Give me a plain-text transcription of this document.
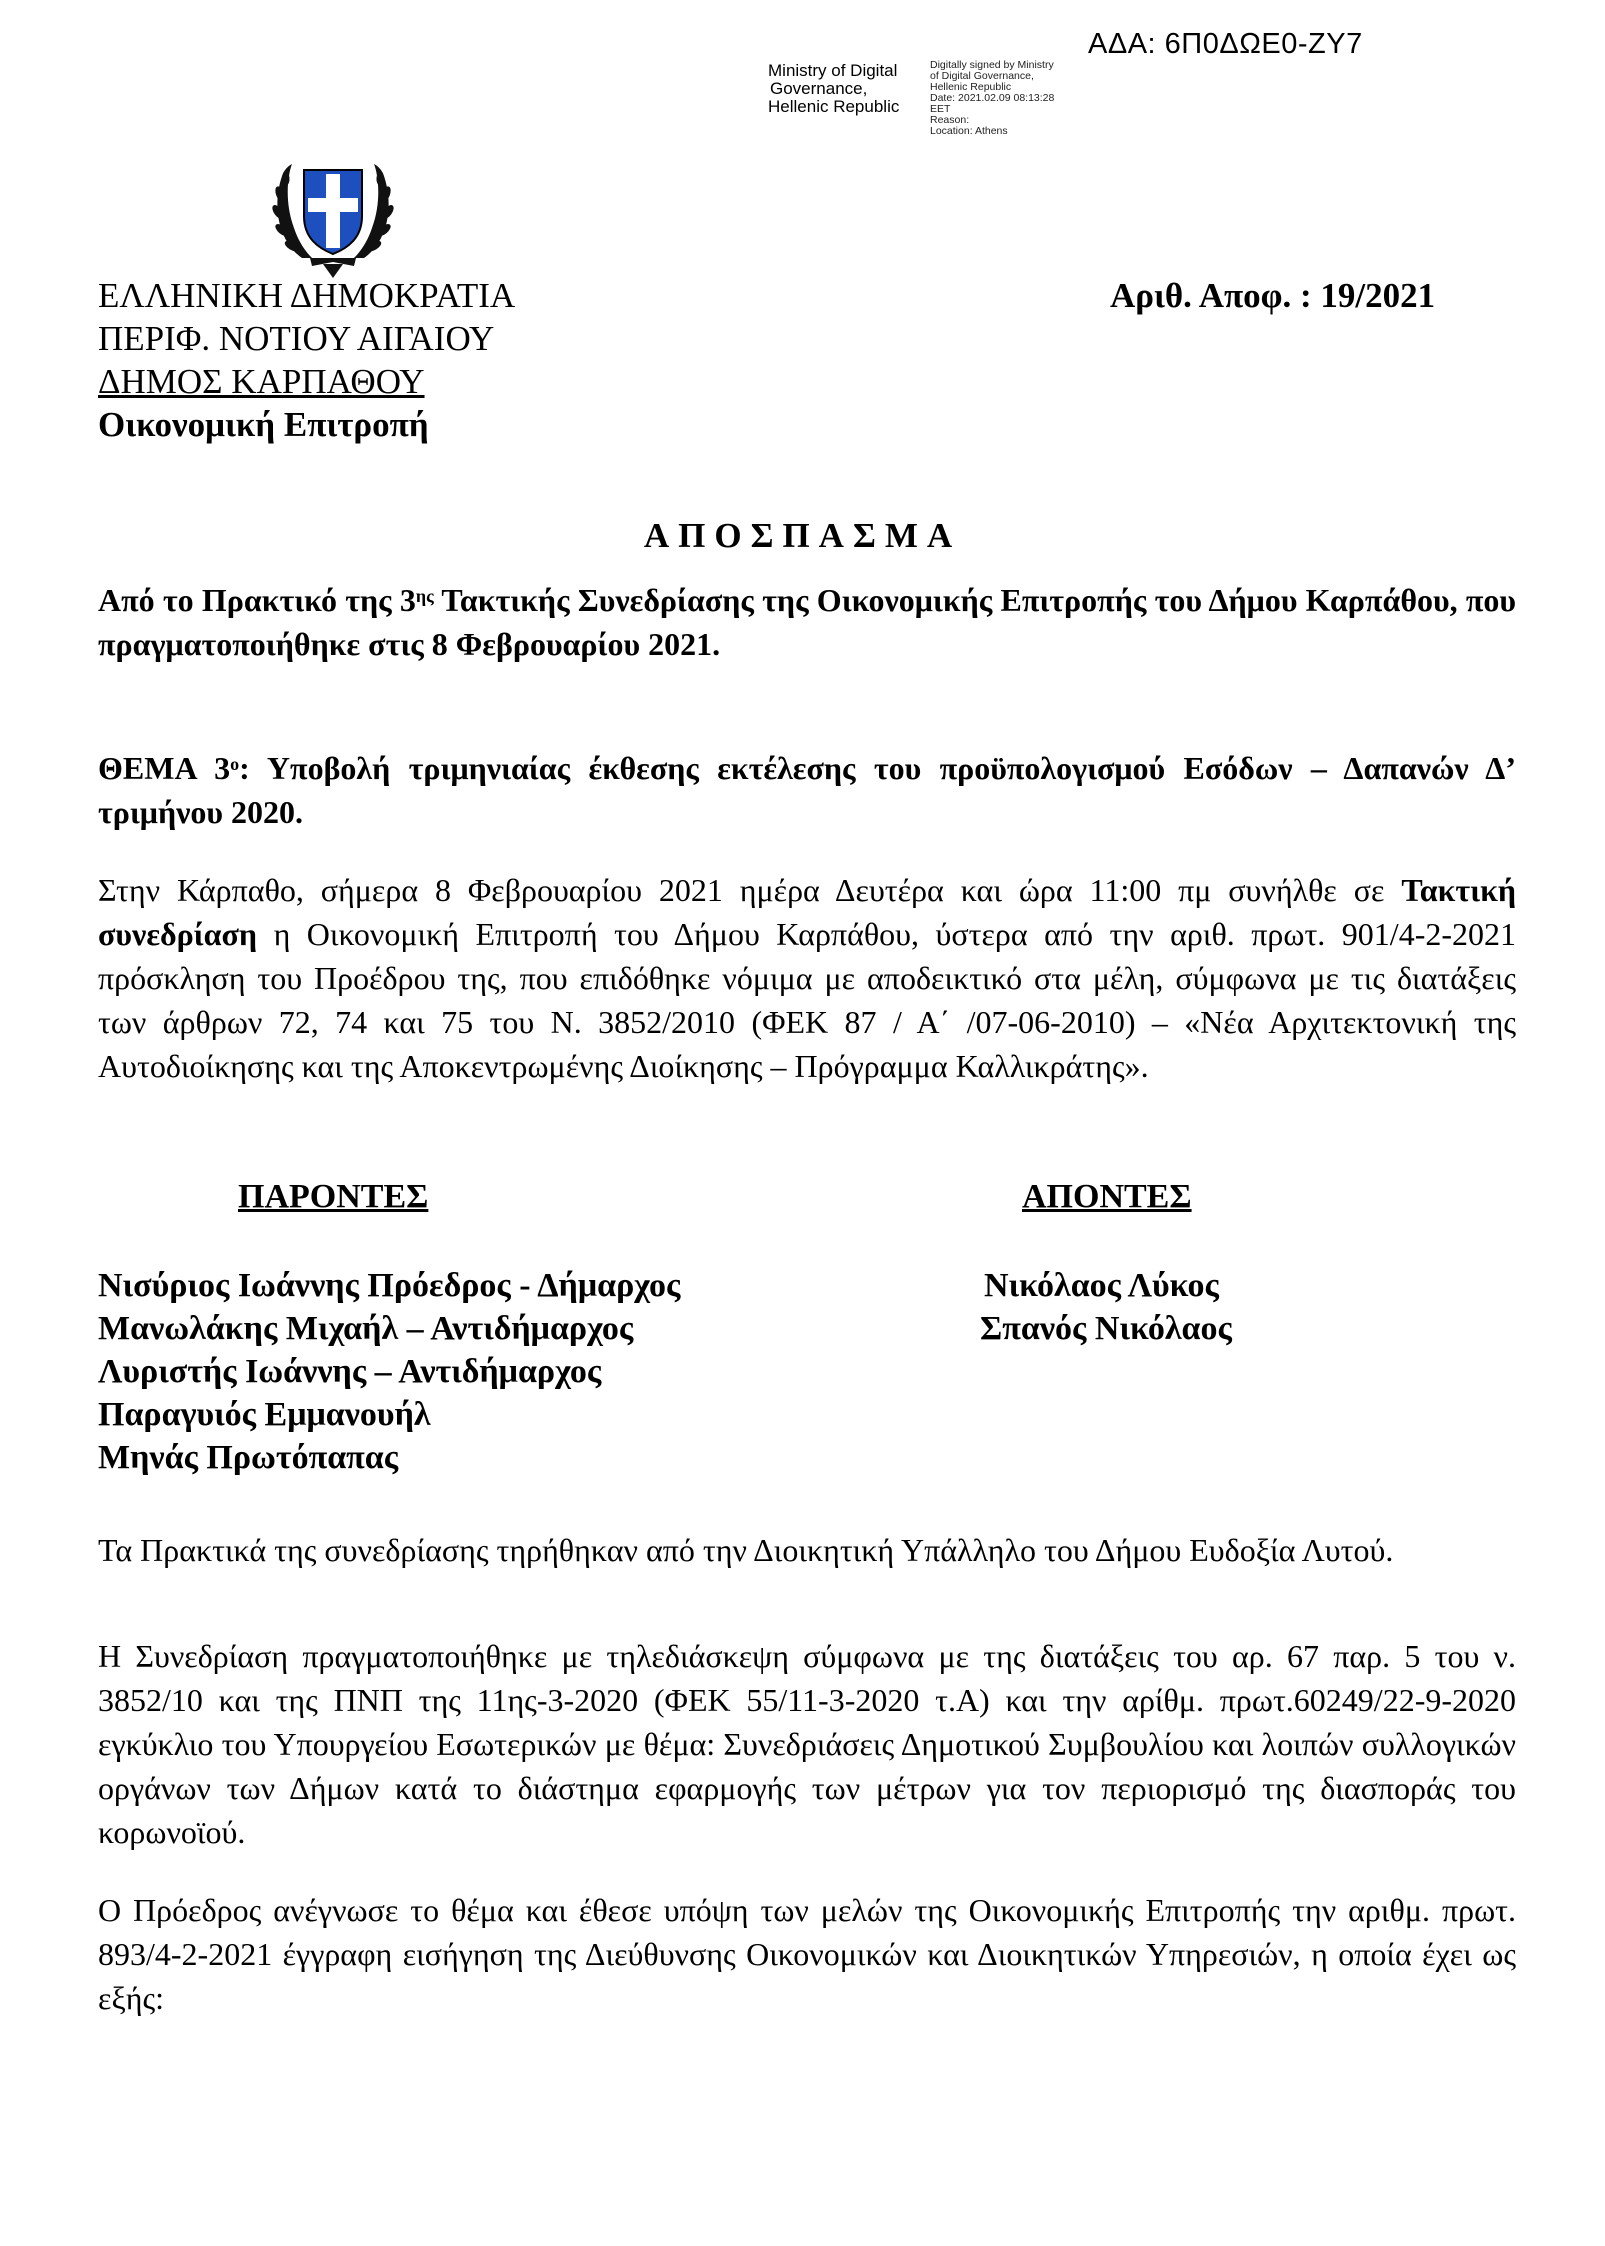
ΑΔΑ: 6Π0ΔΩΕ0-ΖΥ7
Ministry of Digital
Governance,
Hellenic Republic
Digitally signed by Ministry
of Digital Governance,
Hellenic Republic
Date: 2021.02.09 08:13:28
EET
Reason:
Location: Athens
ΕΛΛΗΝΙΚΗ ΔΗΜΟΚΡΑΤΙΑ
ΠΕΡΙΦ. ΝΟΤΙΟΥ ΑΙΓΑΙΟΥ
ΔΗΜΟΣ ΚΑΡΠΑΘΟΥ
Οικονομική Επιτροπή
Αριθ. Αποφ. : 19/2021
ΑΠΟΣΠΑΣΜΑ

Από το Πρακτικό της $3^{\eta\varsigma}$ Τακτικής Συνεδρίασης της Οικονομικής Επιτροπής του Δήμου Καρπάθου, που πραγματοποιήθηκε στις 8 Φεβρουαρίου 2021.

ΘΕΜΑ $3^o$: Υποβολή τριμηνιαίας έκθεσης εκτέλεσης του προϋπολογισμού Εσόδων – Δαπανών Δ’ τριμήνου 2020.

Στην Κάρπαθο, σήμερα 8 Φεβρουαρίου 2021 ημέρα Δευτέρα και ώρα 11:00 πμ συνήλθε σε Τακτική συνεδρίαση η Οικονομική Επιτροπή του Δήμου Καρπάθου, ύστερα από την αριθ. πρωτ. 901/4-2-2021 πρόσκληση του Προέδρου της, που επιδόθηκε νόμιμα με αποδεικτικό στα μέλη, σύμφωνα με τις διατάξεις των άρθρων 72, 74 και 75 του Ν. 3852/2010 (ΦΕΚ 87 / Α΄ /07-06-2010) – «Νέα Αρχιτεκτονική της Αυτοδιοίκησης και της Αποκεντρωμένης Διοίκησης – Πρόγραμμα Καλλικράτης».

ΠΑΡΟΝΤΕΣ	ΑΠΟΝΤΕΣ
Νισύριος Ιωάννης Πρόεδρος - Δήμαρχος
Μανωλάκης Μιχαήλ – Αντιδήμαρχος
Λυριστής Ιωάννης – Αντιδήμαρχος
Παραγυιός Εμμανουήλ
Μηνάς Πρωτόπαπας
Νικόλαος Λύκος
Σπανός Νικόλαος

Τα Πρακτικά της συνεδρίασης τηρήθηκαν από την Διοικητική Υπάλληλο του Δήμου Ευδοξία Λυτού.

Η Συνεδρίαση πραγματοποιήθηκε με τηλεδιάσκεψη σύμφωνα με της διατάξεις του αρ. 67 παρ. 5 του ν. 3852/10 και της ΠΝΠ της 11ης-3-2020 (ΦΕΚ 55/11-3-2020 τ.Α) και την αρίθμ. πρωτ.60249/22-9-2020 εγκύκλιο του Υπουργείου Εσωτερικών με θέμα: Συνεδριάσεις Δημοτικού Συμβουλίου και λοιπών συλλογικών οργάνων των Δήμων κατά το διάστημα εφαρμογής των μέτρων για τον περιορισμό της διασποράς του κορωνοϊού.

Ο Πρόεδρος ανέγνωσε το θέμα και έθεσε υπόψη των μελών της Οικονομικής Επιτροπής την αριθμ. πρωτ. 893/4-2-2021 έγγραφη εισήγηση της Διεύθυνσης Οικονομικών και Διοικητικών Υπηρεσιών, η οποία έχει ως εξής:
